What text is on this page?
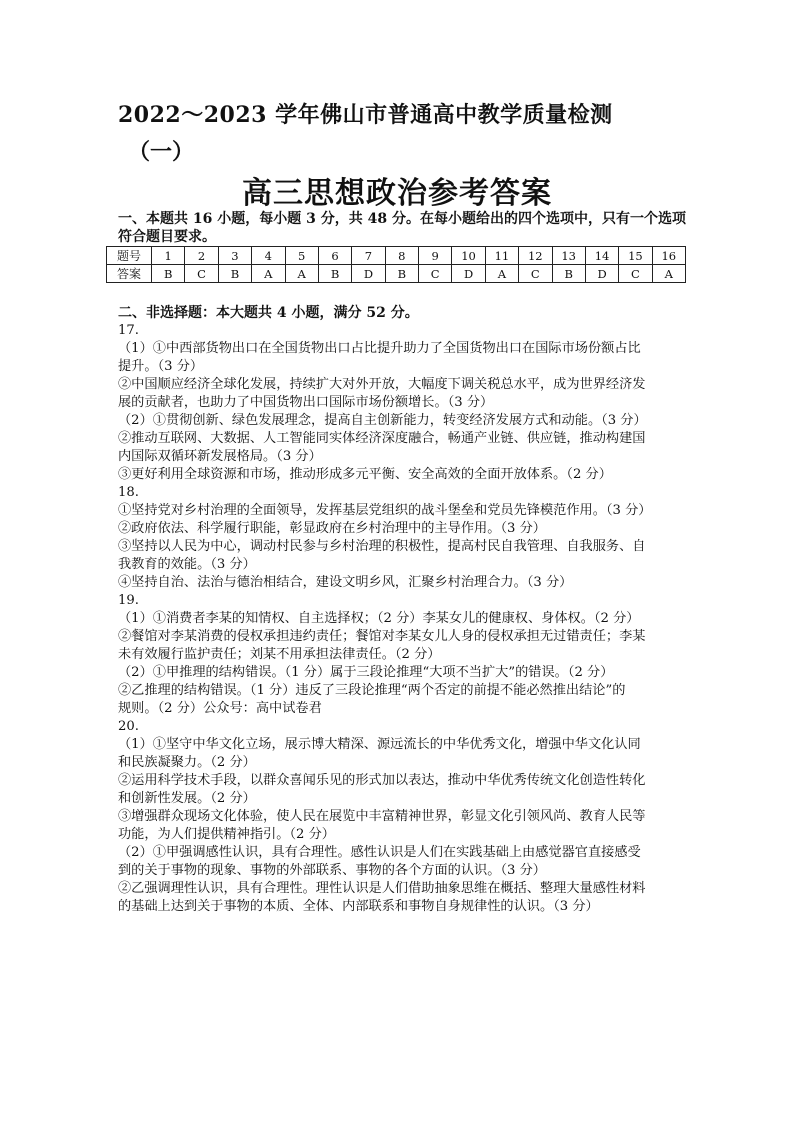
2022～2023 学年佛山市普通高中教学质量检测
（一）
高三思想政治参考答案
一、本题共 16 小题，每小题 3 分，共 48 分。在每小题给出的四个选项中，只有一个选项
符合题目要求。
题号	1	2	3	4	5	6	7	8	9	10	11	12	13	14	15	16
答案	B	C	B	A	A	B	D	B	C	D	A	C	B	D	C	A
二、非选择题：本大题共 4 小题，满分 52 分。
17.
（1）①中西部货物出口在全国货物出口占比提升助力了全国货物出口在国际市场份额占比
提升。（3 分）
②中国顺应经济全球化发展，持续扩大对外开放，大幅度下调关税总水平，成为世界经济发
展的贡献者，也助力了中国货物出口国际市场份额增长。（3 分）
（2）①贯彻创新、绿色发展理念，提高自主创新能力，转变经济发展方式和动能。（3 分）
②推动互联网、大数据、人工智能同实体经济深度融合，畅通产业链、供应链，推动构建国
内国际双循环新发展格局。（3 分）
③更好利用全球资源和市场，推动形成多元平衡、安全高效的全面开放体系。（2 分）
18.
①坚持党对乡村治理的全面领导，发挥基层党组织的战斗堡垒和党员先锋模范作用。（3 分）
②政府依法、科学履行职能，彰显政府在乡村治理中的主导作用。（3 分）
③坚持以人民为中心，调动村民参与乡村治理的积极性，提高村民自我管理、自我服务、自
我教育的效能。（3 分）
④坚持自治、法治与德治相结合，建设文明乡风，汇聚乡村治理合力。（3 分）
19.
（1）①消费者李某的知情权、自主选择权；（2 分）李某女儿的健康权、身体权。（2 分）
②餐馆对李某消费的侵权承担违约责任；餐馆对李某女儿人身的侵权承担无过错责任；李某
未有效履行监护责任；刘某不用承担法律责任。（2 分）
（2）①甲推理的结构错误。（1 分）属于三段论推理“大项不当扩大”的错误。（2 分）
②乙推理的结构错误。（1 分）违反了三段论推理“两个否定的前提不能必然推出结论”的
规则。（2 分）公众号：高中试卷君
20.
（1）①坚守中华文化立场，展示博大精深、源远流长的中华优秀文化，增强中华文化认同
和民族凝聚力。（2 分）
②运用科学技术手段，以群众喜闻乐见的形式加以表达，推动中华优秀传统文化创造性转化
和创新性发展。（2 分）
③增强群众现场文化体验，使人民在展览中丰富精神世界，彰显文化引领风尚、教育人民等
功能，为人们提供精神指引。（2 分）
（2）①甲强调感性认识，具有合理性。感性认识是人们在实践基础上由感觉器官直接感受
到的关于事物的现象、事物的外部联系、事物的各个方面的认识。（3 分）
②乙强调理性认识，具有合理性。理性认识是人们借助抽象思维在概括、整理大量感性材料
的基础上达到关于事物的本质、全体、内部联系和事物自身规律性的认识。（3 分）
